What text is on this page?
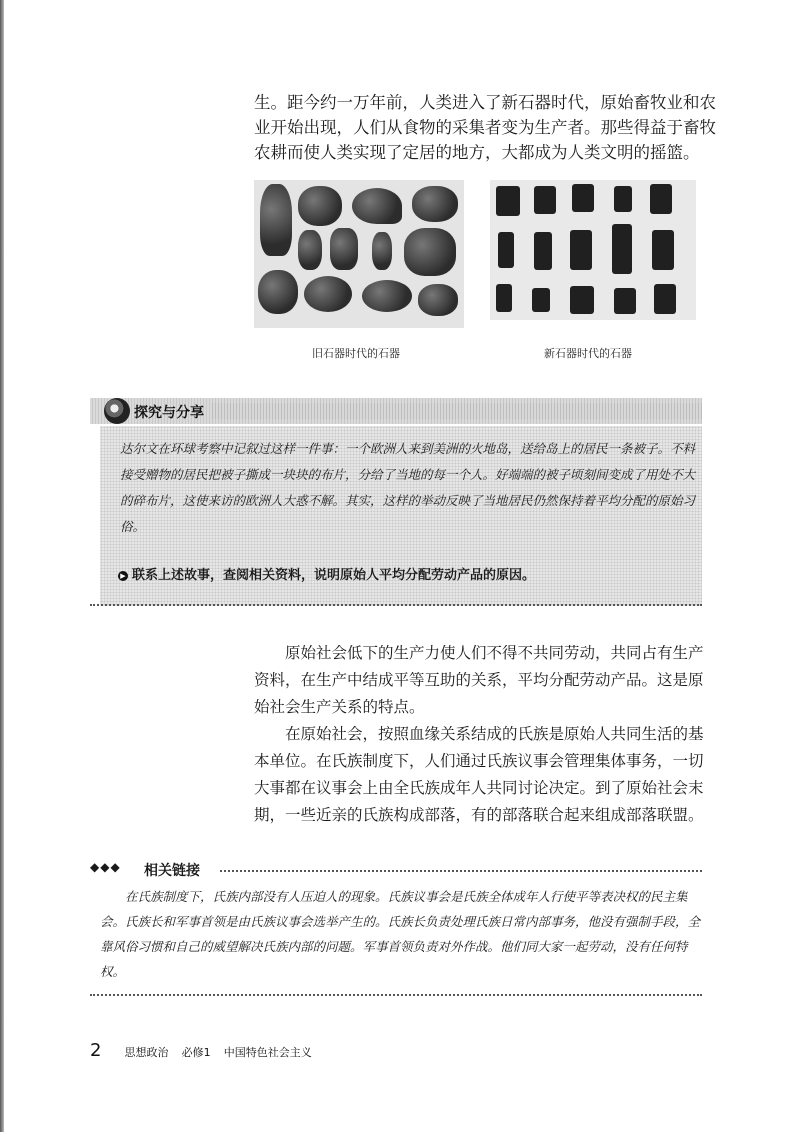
生。距今约一万年前，人类进入了新石器时代，原始畜牧业和农业开始出现，人们从食物的采集者变为生产者。那些得益于畜牧农耕而使人类实现了定居的地方，大都成为人类文明的摇篮。

旧石器时代的石器	新石器时代的石器
探究与分享

达尔文在环球考察中记叙过这样一件事：一个欧洲人来到美洲的火地岛，送给岛上的居民一条被子。不料接受赠物的居民把被子撕成一块块的布片，分给了当地的每一个人。好端端的被子顷刻间变成了用处不大的碎布片，这使来访的欧洲人大惑不解。其实，这样的举动反映了当地居民仍然保持着平均分配的原始习俗。

▶ 联系上述故事，查阅相关资料，说明原始人平均分配劳动产品的原因。

原始社会低下的生产力使人们不得不共同劳动，共同占有生产资料，在生产中结成平等互助的关系，平均分配劳动产品。这是原始社会生产关系的特点。

在原始社会，按照血缘关系结成的氏族是原始人共同生活的基本单位。在氏族制度下，人们通过氏族议事会管理集体事务，一切大事都在议事会上由全氏族成年人共同讨论决定。到了原始社会末期，一些近亲的氏族构成部落，有的部落联合起来组成部落联盟。

◆◆◆ 相关链接

在氏族制度下，氏族内部没有人压迫人的现象。氏族议事会是氏族全体成年人行使平等表决权的民主集会。氏族长和军事首领是由氏族议事会选举产生的。氏族长负责处理氏族日常内部事务，他没有强制手段，全靠风俗习惯和自己的威望解决氏族内部的问题。军事首领负责对外作战。他们同大家一起劳动，没有任何特权。

2 思想政治 必修1 中国特色社会主义
